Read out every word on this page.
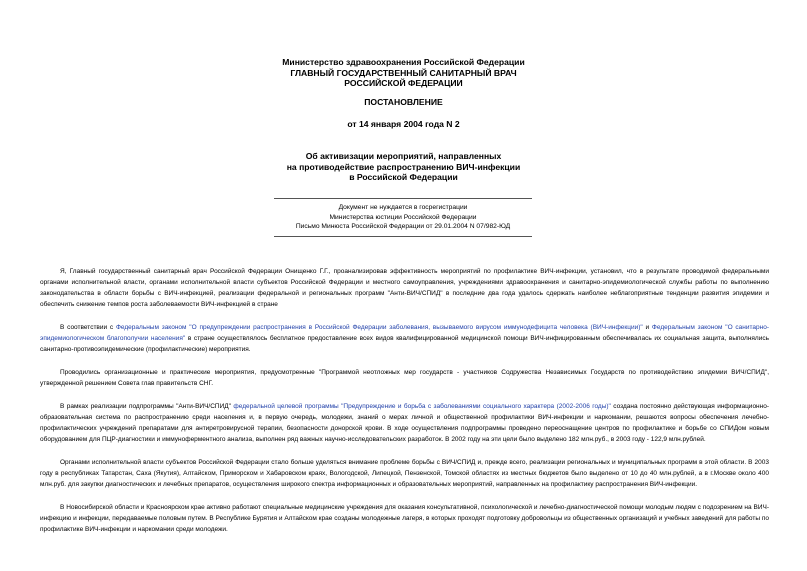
Министерство здравоохранения Российской Федерации
ГЛАВНЫЙ ГОСУДАРСТВЕННЫЙ САНИТАРНЫЙ ВРАЧ
РОССИЙСКОЙ ФЕДЕРАЦИИ
ПОСТАНОВЛЕНИЕ
от 14 января 2004 года N 2
Об активизации мероприятий, направленных
на противодействие распространению ВИЧ-инфекции
в Российской Федерации
Документ не нуждается в госрегистрации
Министерства юстиции Российской Федерации
Письмо Минюста Российской Федерации от 29.01.2004 N 07/982-ЮД

Я, Главный государственный санитарный врач Российской Федерации Онищенко Г.Г., проанализировав эффективность мероприятий по профилактике ВИЧ-инфекции, установил, что в результате проводимой федеральными органами исполнительной власти, органами исполнительной власти субъектов Российской Федерации и местного самоуправления, учреждениями здравоохранения и санитарно-эпидемиологической службы работы по выполнению законодательства в области борьбы с ВИЧ-инфекцией, реализации федеральной и региональных программ "Анти-ВИЧ/СПИД" в последние два года удалось сдержать наиболее неблагоприятные тенденции развития эпидемии и обеспечить снижение темпов роста заболеваемости ВИЧ-инфекцией в стране

В соответствии с Федеральным законом "О предупреждении распространения в Российской Федерации заболевания, вызываемого вирусом иммунодефицита человека (ВИЧ-инфекции)" и Федеральным законом "О санитарно-эпидемиологическом благополучии населения" в стране осуществлялось бесплатное предоставление всех видов квалифицированной медицинской помощи ВИЧ-инфицированным обеспечивалась их социальная защита, выполнялись санитарно-противоэпидемические (профилактические) мероприятия.

Проводились организационные и практические мероприятия, предусмотренные "Программой неотложных мер государств - участников Содружества Независимых Государств по противодействию эпидемии ВИЧ/СПИД", утвержденной решением Совета глав правительств СНГ.

В рамках реализации подпрограммы "Анти-ВИЧ/СПИД" федеральной целевой программы "Предупреждение и борьба с заболеваниями социального характера (2002-2006 годы)" создана постоянно действующая информационно-образовательная система по распространению среди населения и, в первую очередь, молодежи, знаний о мерах личной и общественной профилактики ВИЧ-инфекции и наркомании, решаются вопросы обеспечения лечебно-профилактических учреждений препаратами для антиретровирусной терапии, безопасности донорской крови. В ходе осуществления подпрограммы проведено переоснащение центров по профилактике и борьбе со СПИДом новым оборудованием для ПЦР-диагностики и иммуноферментного анализа, выполнен ряд важных научно-исследовательских разработок. В 2002 году на эти цели было выделено 182 млн.руб., в 2003 году - 122,9 млн.рублей.

Органами исполнительной власти субъектов Российской Федерации стало больше уделяться внимание проблеме борьбы с ВИЧ/СПИД и, прежде всего, реализации региональных и муниципальных программ в этой области. В 2003 году в республиках Татарстан, Саха (Якутия), Алтайском, Приморском и Хабаровском краях, Вологодской, Липецкой, Пензенской, Томской областях из местных бюджетов было выделено от 10 до 40 млн.рублей, а в г.Москве около 400 млн.руб. для закупки диагностических и лечебных препаратов, осуществления широкого спектра информационных и образовательных мероприятий, направленных на профилактику распространения ВИЧ-инфекции.

В Новосибирской области и Красноярском крае активно работают специальные медицинские учреждения для оказания консультативной, психологической и лечебно-диагностической помощи молодым людям с подозрением на ВИЧ-инфекцию и инфекции, передаваемые половым путем. В Республике Бурятия и Алтайском крае созданы молодежные лагеря, в которых проходят подготовку добровольцы из общественных организаций и учебных заведений для работы по профилактике ВИЧ-инфекции и наркомании среди молодежи.
